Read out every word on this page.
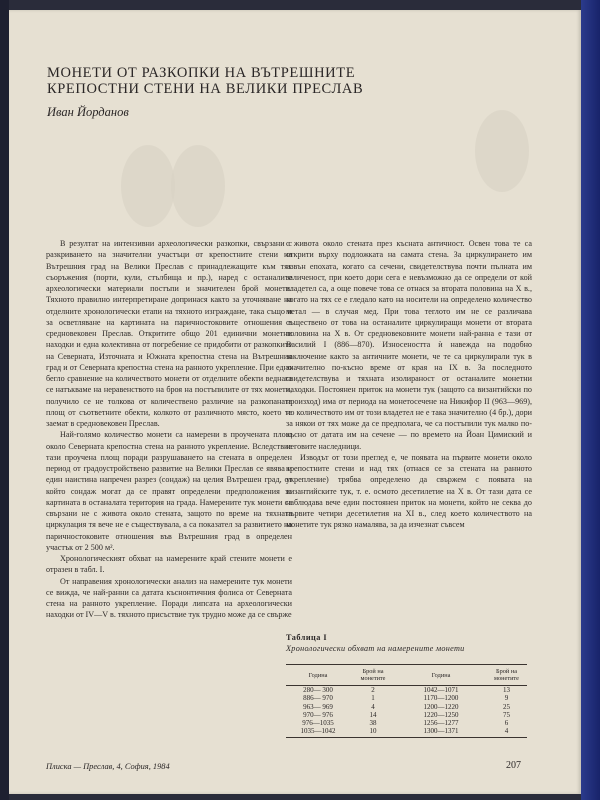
МОНЕТИ ОТ РАЗКОПКИ НА ВЪТРЕШНИТЕ
КРЕПОСТНИ СТЕНИ НА ВЕЛИКИ ПРЕСЛАВ
Иван Йорданов

В резултат на интензивни археологически разкопки, свързани с разкриването на значителни участъци от крепостните стени на Вътрешния град на Велики Преслав с принадлежащите към тях съоръжения (порти, кули, стълбища и пр.), наред с останалите археологически материали постъпи и значителен брой монети. Тяхното правилно интерпретиране допринася както за уточняване на отделните хронологически етапи на тяхното изграждане, така също и за осветляване на картината на паричностоковите отношения в средновековен Преслав. Откритите общо 201 единични монетни находки и една колективна от погребение се придобити от разкопките на Северната, Източната и Южната крепостна стена на Вътрешния град и от Северната крепостна стена на ранното укрепление. При едно бегло сравнение на количеството монети от отделните обекти веднага се натъкваме на неравенството на броя на постъпилите от тях монети, получило се не толкова от количествено различие на разкопаната площ от съответните обекти, колкото от различното място, което те заемат в средновековен Преслав.

Най-голямо количество монети са намерени в проучената площ около Северната крепостна стена на ранното укрепление. Вследствие тази проучена площ поради разрушаването на стената в определен период от градоустройствено развитие на Велики Преслав се явява и един наистина напречен разрез (сондаж) на целия Вътрешен град, от който сондаж могат да се правят определени предположения за картината в останалата територия на града. Намерените тук монети са свързани не с живота около стената, защото по време на тяхната циркулация тя вече не е съществувала, а са показател за развитието на паричностоковите отношения във Вътрешния град в определен участък от 2 500 м².

Хронологическият обхват на намерените край стените монети е отразен в табл. I.

От направения хронологически анализ на намерените тук монети се вижда, че най-ранни са датата къснонтичния фолиса от Северната стена на ранното укрепление. Поради липсата на археологически находки от IV—V в. тяхното присъствие тук трудно може да се свърже

с живота около стената през късната античност. Освен това те са открити върху подложката на самата стена. За циркулирането им извън епохата, когато са сечени, свидетелствува почти пълната им заличеност, при което дори сега е невъзможно да се определи от кой владетел са, а още повече това се отнася за втората половина на X в., когато на тях се е гледало като на носители на определено количество метал — в случая мед. При това теглото им не се различава съществено от това на останалите циркулиращи монети от втората половина на X в. От средновековните монети най-ранна е тази от Василий I (886—870). Износеността ѝ навежда на подобно заключение както за античните монети, че те са циркулирали тук в значително по-късно време от края на IX в. За последното свидетелствува и тяхната изолираност от останалите монетни находки. Постоянен приток на монети тук (защото са византийски по произход) има от периода на монетосечене на Никифор II (963—969), но количеството им от този владетел не е така значително (4 бр.), дори за някои от тях може да се предполага, че са постъпили тук малко по-късно от датата им на сечене — по времето на Йоан Цимиский и неговите наследници.

Изводът от този преглед е, че появата на първите монети около крепостните стени и над тях (отнася се за стената на ранното укрепление) трябва определено да свържем с появата на византийските тук, т. е. осмото десетилетие на X в. От тази дата се наблюдава вече един постоянен приток на монети, който не секва до първите четири десетилетия на XI в., след което количеството на монетите тук рязко намалява, за да изчезнат съвсем

Таблица I
Хронологически обхват на намерените монети
Година	Брой на монетите	Година	Брой на монетите
280— 300	2	1042—1071	13
886— 970	1	1170—1200	9
963— 969	4	1200—1220	25
970— 976	14	1220—1250	75
976—1035	38	1256—1277	6
1035—1042	10	1300—1371	4
Плиска — Преслав, 4, София, 1984	207
